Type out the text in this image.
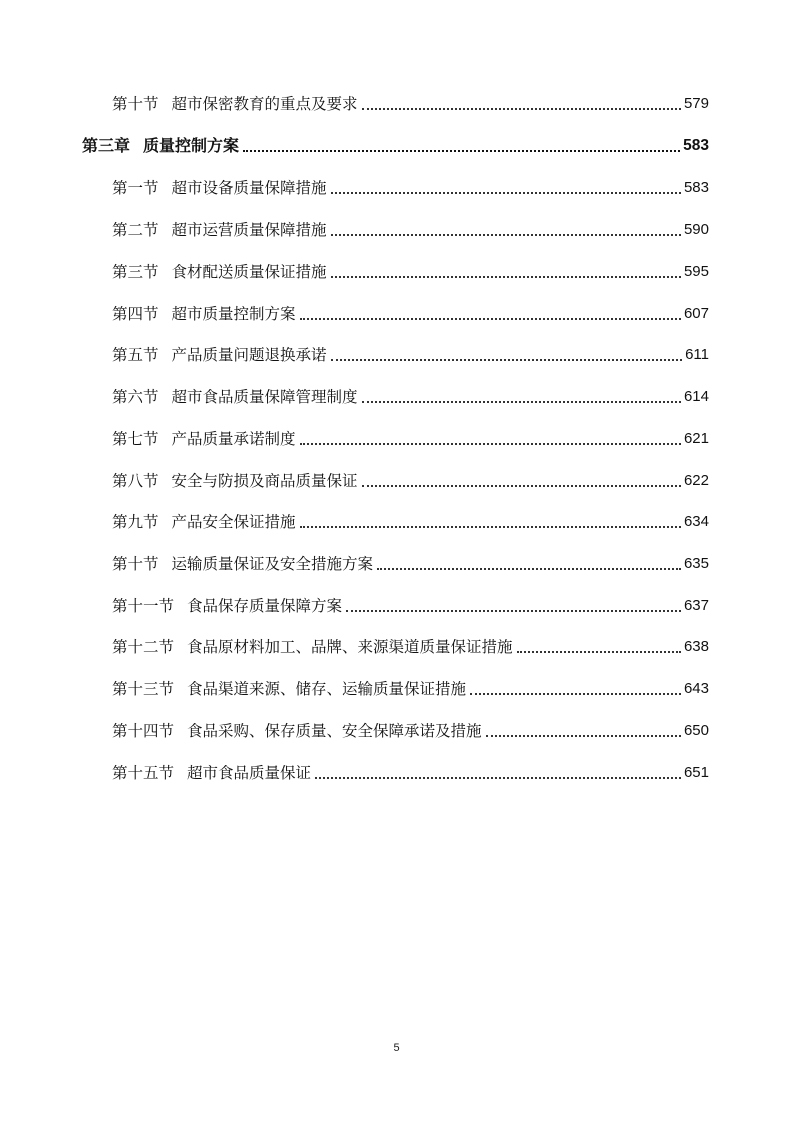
第十节 超市保密教育的重点及要求	579
第三章 质量控制方案	583
第一节 超市设备质量保障措施	583
第二节 超市运营质量保障措施	590
第三节 食材配送质量保证措施	595
第四节 超市质量控制方案	607
第五节 产品质量问题退换承诺	611
第六节 超市食品质量保障管理制度	614
第七节 产品质量承诺制度	621
第八节 安全与防损及商品质量保证	622
第九节 产品安全保证措施	634
第十节 运输质量保证及安全措施方案	635
第十一节 食品保存质量保障方案	637
第十二节 食品原材料加工、品牌、来源渠道质量保证措施	638
第十三节 食品渠道来源、储存、运输质量保证措施	643
第十四节 食品采购、保存质量、安全保障承诺及措施	650
第十五节 超市食品质量保证	651
5
